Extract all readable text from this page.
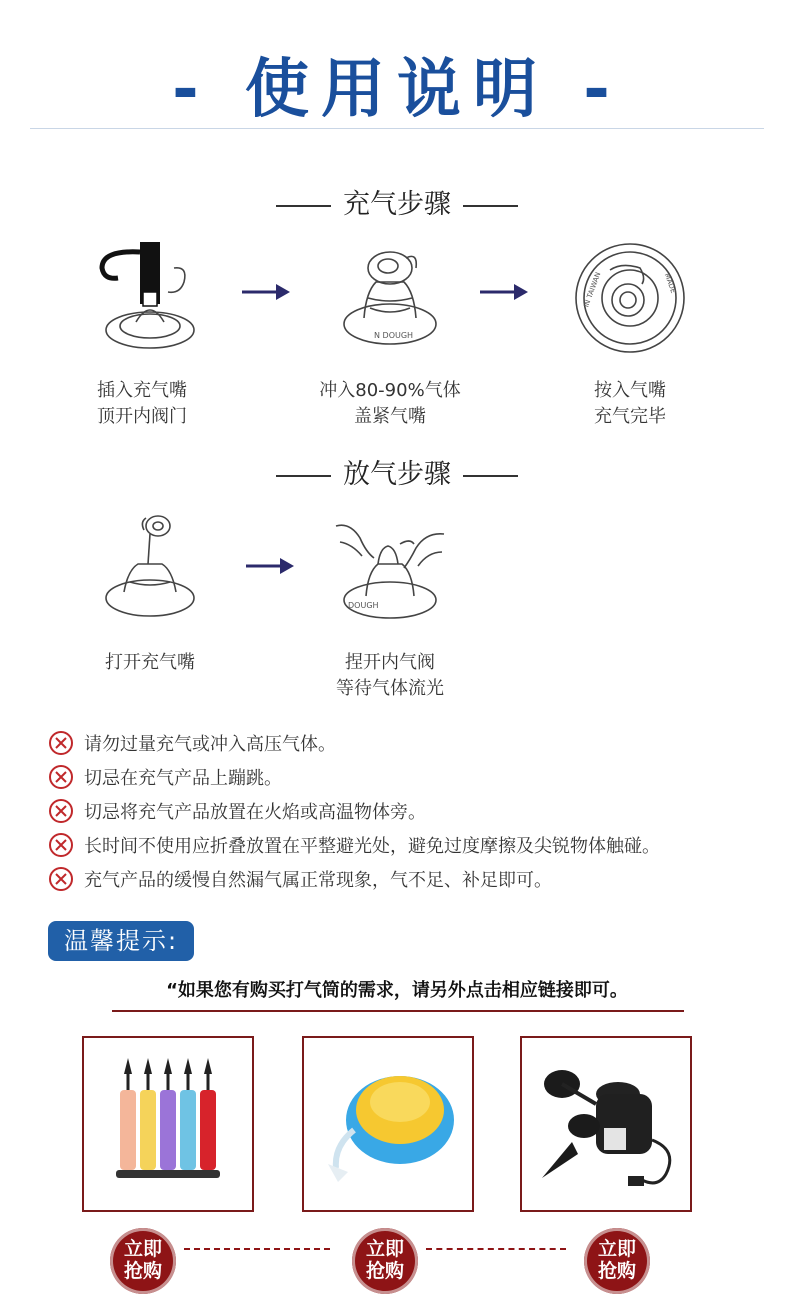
- 使用说明 -
充气步骤
N DOUGH
IN TAIWAN	MADE
插入充气嘴
顶开内阀门
冲入80-90%气体
盖紧气嘴
按入气嘴
充气完毕
放气步骤
DOUGH
打开充气嘴	捏开内气阀
等待气体流光
请勿过量充气或冲入高压气体。
切忌在充气产品上蹦跳。
切忌将充气产品放置在火焰或高温物体旁。
长时间不使用应折叠放置在平整避光处，避免过度摩擦及尖锐物体触碰。
充气产品的缓慢自然漏气属正常现象，气不足、补足即可。
温馨提示:
“如果您有购买打气筒的需求，请另外点击相应链接即可。
立即
抢购
立即
抢购
立即
抢购
